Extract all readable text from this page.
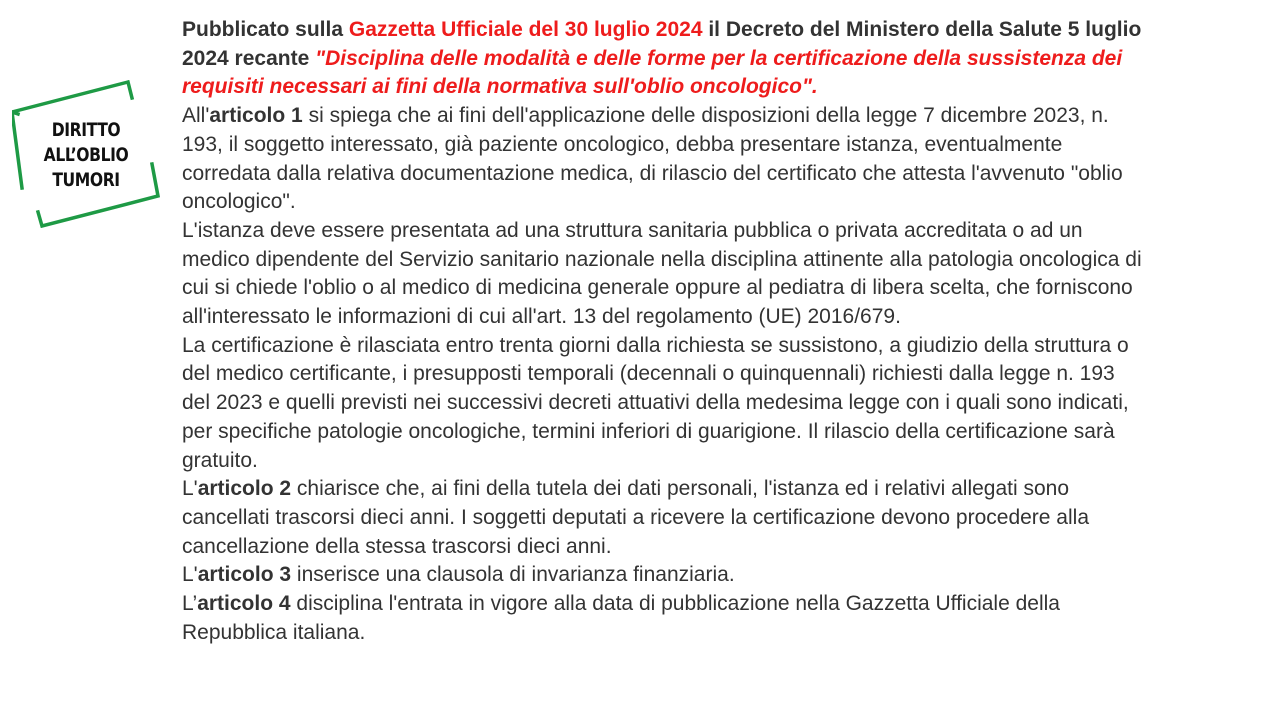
DIRITTO
ALL’OBLIO
TUMORI

Pubblicato sulla Gazzetta Ufficiale del 30 luglio 2024 il Decreto del Ministero della Salute 5 luglio 2024 recante "Disciplina delle modalità e delle forme per la certificazione della sussistenza dei requisiti necessari ai fini della normativa sull'oblio oncologico".

All'articolo 1 si spiega che ai fini dell'applicazione delle disposizioni della legge 7 dicembre 2023, n. 193, il soggetto interessato, già paziente oncologico, debba presentare istanza, eventualmente corredata dalla relativa documentazione medica, di rilascio del certificato che attesta l'avvenuto "oblio oncologico".

L'istanza deve essere presentata ad una struttura sanitaria pubblica o privata accreditata o ad un medico dipendente del Servizio sanitario nazionale nella disciplina attinente alla patologia oncologica di cui si chiede l'oblio o al medico di medicina generale oppure al pediatra di libera scelta, che forniscono all'interessato le informazioni di cui all'art. 13 del regolamento (UE) 2016/679.

La certificazione è rilasciata entro trenta giorni dalla richiesta se sussistono, a giudizio della struttura o del medico certificante, i presupposti temporali (decennali o quinquennali) richiesti dalla legge n. 193 del 2023 e quelli previsti nei successivi decreti attuativi della medesima legge con i quali sono indicati, per specifiche patologie oncologiche, termini inferiori di guarigione. Il rilascio della certificazione sarà gratuito.

L'articolo 2 chiarisce che, ai fini della tutela dei dati personali, l'istanza ed i relativi allegati sono cancellati trascorsi dieci anni. I soggetti deputati a ricevere la certificazione devono procedere alla cancellazione della stessa trascorsi dieci anni.

L'articolo 3 inserisce una clausola di invarianza finanziaria.

L’articolo 4 disciplina l'entrata in vigore alla data di pubblicazione nella Gazzetta Ufficiale della Repubblica italiana.
